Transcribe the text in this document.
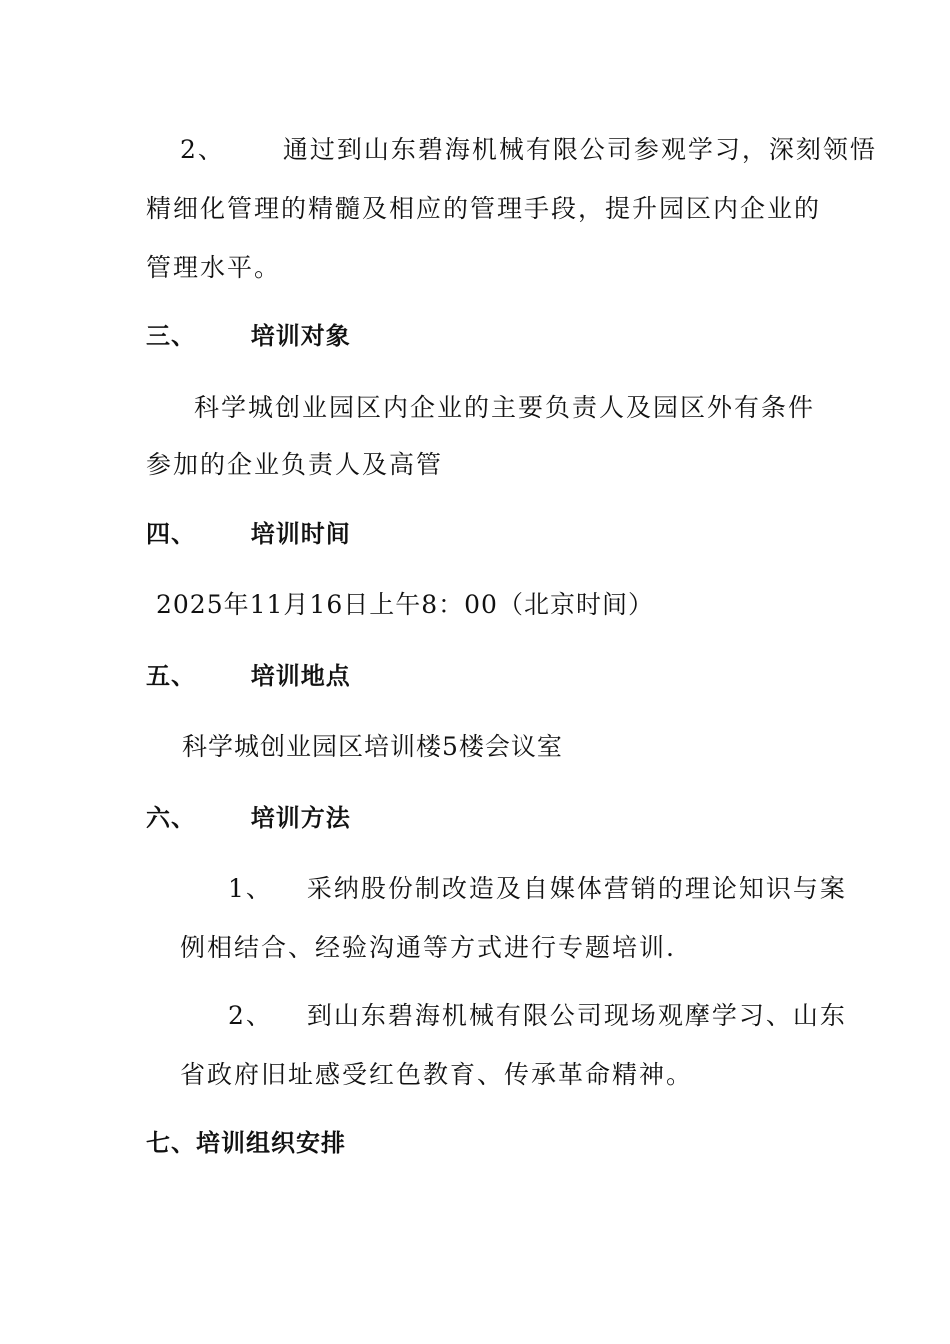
2、 通过到山东碧海机械有限公司参观学习，深刻领悟
精细化管理的精髓及相应的管理手段，提升园区内企业的
管理水平。
三、 培训对象
科学城创业园区内企业的主要负责人及园区外有条件
参加的企业负责人及高管
四、 培训时间
2025年11月16日上午8：00（北京时间）
五、 培训地点
科学城创业园区培训楼5楼会议室
六、 培训方法
1、 采纳股份制改造及自媒体营销的理论知识与案
例相结合、经验沟通等方式进行专题培训.
2、 到山东碧海机械有限公司现场观摩学习、山东
省政府旧址感受红色教育、传承革命精神。
七、培训组织安排
